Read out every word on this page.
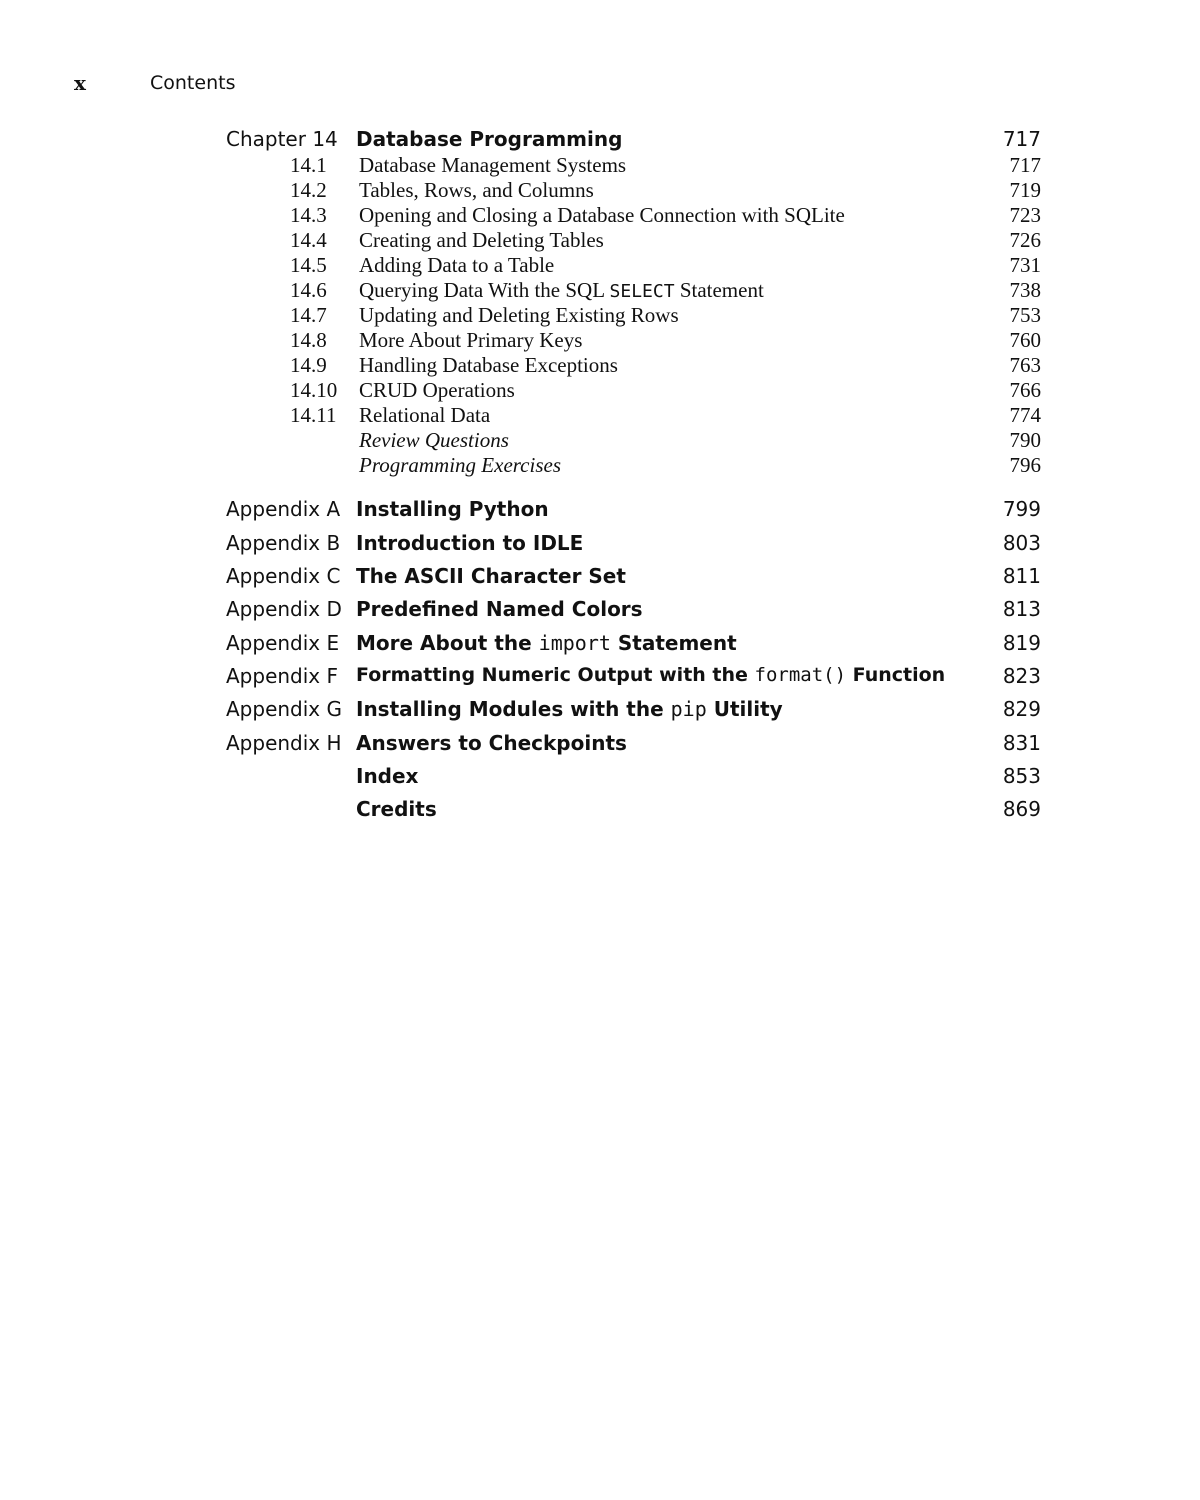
x	Contents
Chapter 14 Database Programming	717
14.1 Database Management Systems	717
14.2 Tables, Rows, and Columns	719
14.3 Opening and Closing a Database Connection with SQLite	723
14.4 Creating and Deleting Tables	726
14.5 Adding Data to a Table	731
14.6 Querying Data With the SQL SELECT Statement	738
14.7 Updating and Deleting Existing Rows	753
14.8 More About Primary Keys	760
14.9 Handling Database Exceptions	763
14.10 CRUD Operations	766
14.11 Relational Data	774
Review Questions	790
Programming Exercises	796
Appendix A Installing Python	799
Appendix B Introduction to IDLE	803
Appendix C The ASCII Character Set	811
Appendix D Predefined Named Colors	813
Appendix E More About the import Statement	819
Appendix F Formatting Numeric Output with the format() Function	823
Appendix G Installing Modules with the pip Utility	829
Appendix H Answers to Checkpoints	831
Index	853
Credits	869
